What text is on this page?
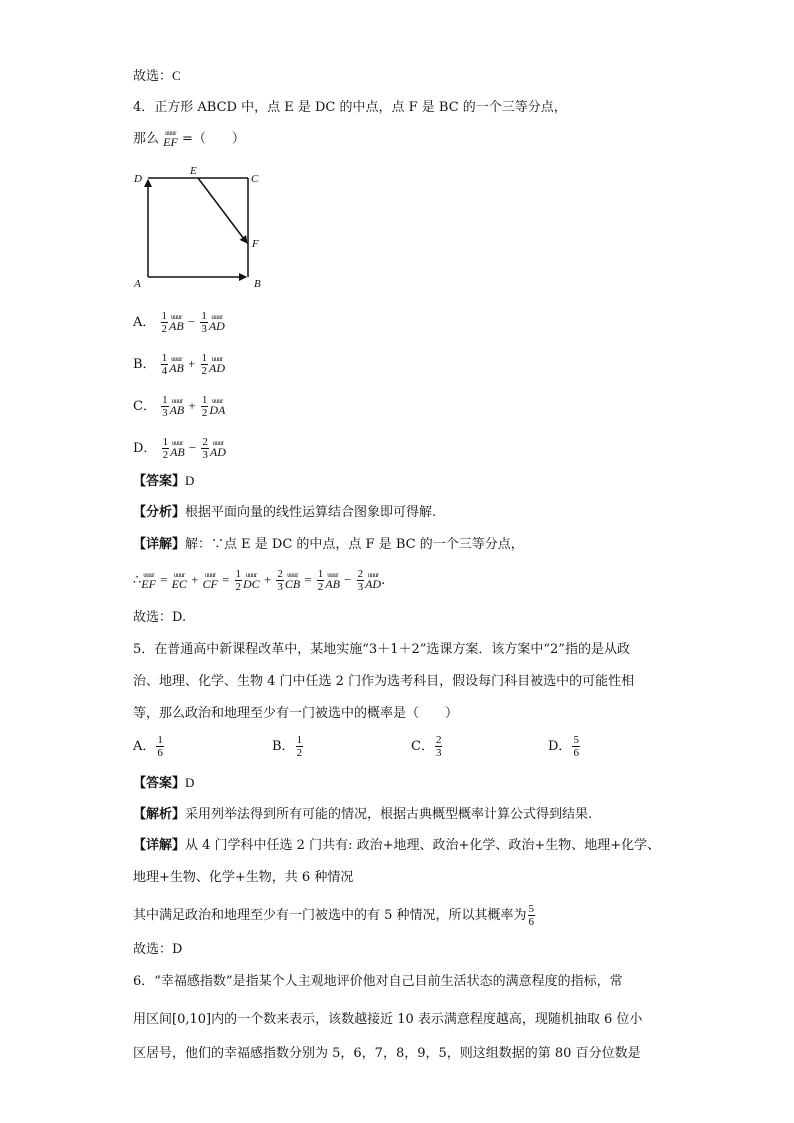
故选：C
4．正方形 ABCD 中，点 E 是 DC 的中点，点 F 是 BC 的一个三等分点，
那么 uuur
EF =（　　）
D
E
C
F
A	B
A． $\frac{1}{2}$ uuur
AB − $\frac{1}{3}$ uuur
AD
B． $\frac{1}{4}$ uuur
AB + $\frac{1}{2}$ uuur
AD
C． $\frac{1}{3}$ uuur
AB + $\frac{1}{2}$ uuur
DA
D． $\frac{1}{2}$ uuur
AB − $\frac{2}{3}$ uuur
AD
【答案】D
【分析】根据平面向量的线性运算结合图象即可得解.
【详解】解：∵点 E 是 DC 的中点，点 F 是 BC 的一个三等分点，
∴ uuur
EF = uuur
EC + uuur
CF = $\frac{1}{2}$ uuur
DC + $\frac{2}{3}$ uuur
CB = $\frac{1}{2}$ uuur
AB − $\frac{2}{3}$ uuur
AD.
故选：D.
5．在普通高中新课程改革中，某地实施“3＋1＋2”选课方案．该方案中“2”指的是从政
治、地理、化学、生物 4 门中任选 2 门作为选考科目，假设每门科目被选中的可能性相
等，那么政治和地理至少有一门被选中的概率是（　　）
A． $\frac{1}{6}$	B． $\frac{1}{2}$	C． $\frac{2}{3}$	D． $\frac{5}{6}$
【答案】D
【解析】采用列举法得到所有可能的情况，根据古典概型概率计算公式得到结果.
【详解】从 4 门学科中任选 2 门共有: 政治+地理、政治+化学、政治+生物、地理+化学、
地理+生物、化学+生物，共 6 种情况
其中满足政治和地理至少有一门被选中的有 5 种情况，所以其概率为 $\frac{5}{6}$
故选：D
6．“幸福感指数”是指某个人主观地评价他对自己目前生活状态的满意程度的指标，常
用区间[0,10]内的一个数来表示，该数越接近 10 表示满意程度越高，现随机抽取 6 位小
区居号，他们的幸福感指数分别为 5，6，7，8，9，5，则这组数据的第 80 百分位数是
